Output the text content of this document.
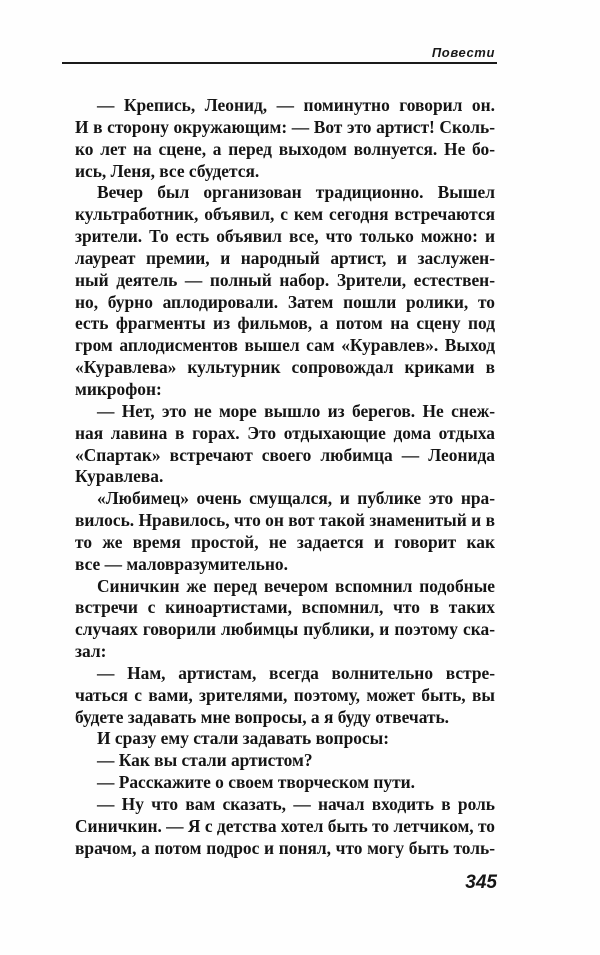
Повести
— Крепись, Леонид, — поминутно говорил он.
И в сторону окружающим: — Вот это артист! Сколь-
ко лет на сцене, а перед выходом волнуется. Не бо-
ись, Леня, все сбудется.
Вечер был организован традиционно. Вышел
культработник, объявил, с кем сегодня встречаются
зрители. То есть объявил все, что только можно: и
лауреат премии, и народный артист, и заслужен-
ный деятель — полный набор. Зрители, естествен-
но, бурно аплодировали. Затем пошли ролики, то
есть фрагменты из фильмов, а потом на сцену под
гром аплодисментов вышел сам «Куравлев». Выход
«Куравлева» культурник сопровождал криками в
микрофон:
— Нет, это не море вышло из берегов. Не снеж-
ная лавина в горах. Это отдыхающие дома отдыха
«Спартак» встречают своего любимца — Леонида
Куравлева.
«Любимец» очень смущался, и публике это нра-
вилось. Нравилось, что он вот такой знаменитый и в
то же время простой, не задается и говорит как
все — маловразумительно.
Синичкин же перед вечером вспомнил подобные
встречи с киноартистами, вспомнил, что в таких
случаях говорили любимцы публики, и поэтому ска-
зал:
— Нам, артистам, всегда волнительно встре-
чаться с вами, зрителями, поэтому, может быть, вы
будете задавать мне вопросы, а я буду отвечать.
И сразу ему стали задавать вопросы:
— Как вы стали артистом?
— Расскажите о своем творческом пути.
— Ну что вам сказать, — начал входить в роль
Синичкин. — Я с детства хотел быть то летчиком, то
врачом, а потом подрос и понял, что могу быть толь-
345
